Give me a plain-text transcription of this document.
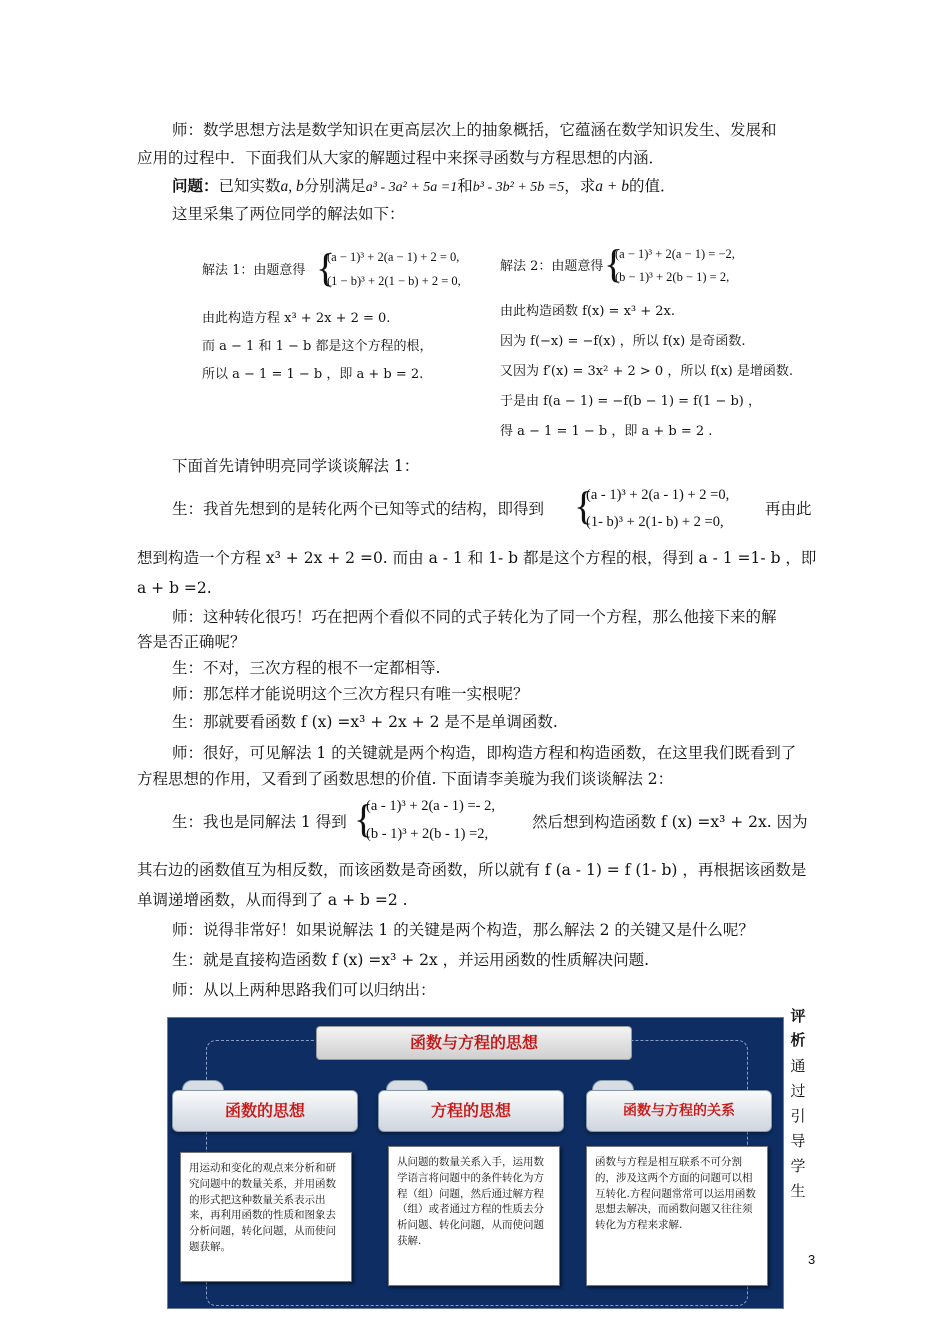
师：数学思想方法是数学知识在更高层次上的抽象概括，它蕴涵在数学知识发生、发展和
应用的过程中．下面我们从大家的解题过程中来探寻函数与方程思想的内涵．
问题：已知实数a, b分别满足a³ - 3a² + 5a =1和b³ - 3b² + 5b =5，求a + b的值．
这里采集了两位同学的解法如下：
解法 1：由题意得 {
(a − 1)³ + 2(a − 1) + 2 = 0,
(1 − b)³ + 2(1 − b) + 2 = 0,
由此构造方程 x³ + 2x + 2 = 0.
而 a − 1 和 1 − b 都是这个方程的根，
所以 a − 1 = 1 − b ，即 a + b = 2.
解法 2：由题意得 {
(a − 1)³ + 2(a − 1) = −2,
(b − 1)³ + 2(b − 1) = 2,
由此构造函数 f(x) = x³ + 2x.
因为 f(−x) = −f(x) ，所以 f(x) 是奇函数.
又因为 f′(x) = 3x² + 2 > 0 ，所以 f(x) 是增函数.
于是由 f(a − 1) = −f(b − 1) = f(1 − b) ，
得 a − 1 = 1 − b ，即 a + b = 2 .
下面首先请钟明亮同学谈谈解法 1：
生：我首先想到的是转化两个已知等式的结构，即得到 {
(a - 1)³ + 2(a - 1) + 2 =0,
(1- b)³ + 2(1- b) + 2 =0,
再由此
想到构造一个方程 x³ + 2x + 2 =0. 而由 a - 1 和 1- b 都是这个方程的根，得到 a - 1 =1- b ，即
a + b =2.
师：这种转化很巧！巧在把两个看似不同的式子转化为了同一个方程，那么他接下来的解
答是否正确呢？
生：不对，三次方程的根不一定都相等.
师：那怎样才能说明这个三次方程只有唯一实根呢？
生：那就要看函数 f (x) =x³ + 2x + 2 是不是单调函数.
师：很好，可见解法 1 的关键就是两个构造，即构造方程和构造函数，在这里我们既看到了
方程思想的作用，又看到了函数思想的价值. 下面请李美璇为我们谈谈解法 2：
生：我也是同解法 1 得到 {
(a - 1)³ + 2(a - 1) =- 2,
(b - 1)³ + 2(b - 1) =2,
然后想到构造函数 f (x) =x³ + 2x. 因为
其右边的函数值互为相反数，而该函数是奇函数，所以就有 f (a - 1) = f (1- b) ，再根据该函数是
单调递增函数，从而得到了 a + b =2 .
师：说得非常好！如果说解法 1 的关键是两个构造，那么解法 2 的关键又是什么呢？
生：就是直接构造函数 f (x) =x³ + 2x ，并运用函数的性质解决问题.
师：从以上两种思路我们可以归纳出：
函数与方程的思想
函数的思想
用运动和变化的观点来分析和研究问题中的数量关系，并用函数的形式把这种数量关系表示出来，再利用函数的性质和图象去分析问题，转化问题，从而使问题获解。
方程的思想
从问题的数量关系入手，运用数学语言将问题中的条件转化为方程（组）问题，然后通过解方程（组）或者通过方程的性质去分析问题、转化问题，从而使问题获解.
函数与方程的关系
函数与方程是相互联系不可分割的，涉及这两个方面的问题可以相互转化.方程问题常常可以运用函数思想去解决，而函数问题又往往须转化为方程来求解.
评
析
通
过
引
导
学
生
3
